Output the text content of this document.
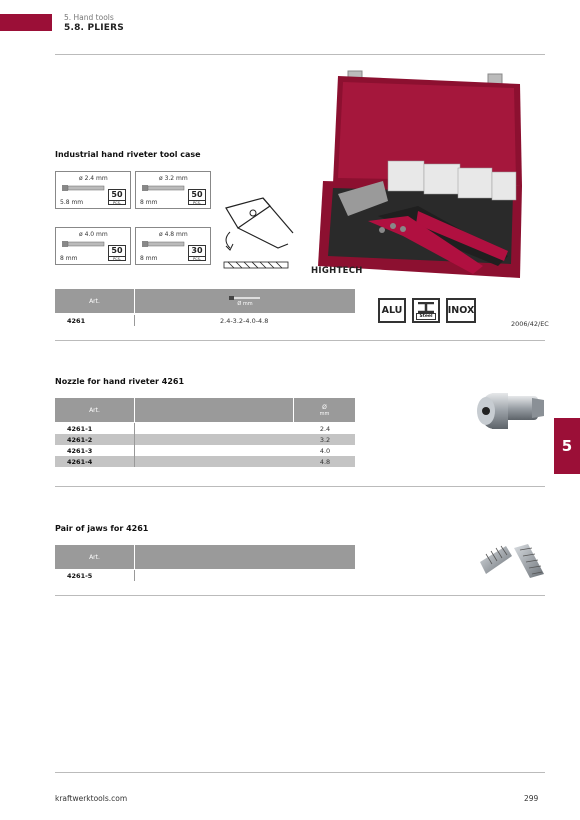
5. Hand tools
5.8. PLIERS
Industrial hand riveter tool case
ø 2.4 mm
5.8 mm
50
PCS.
ø 3.2 mm
8 mm
50
PCS.
ø 4.0 mm
8 mm
50
PCS.
ø 4.8 mm
8 mm
30
PCS.
HIGHTECH
Art.	Ø mm
4261	2.4-3.2-4.0-4.8
ALU	Steel	INOX
2006/42/EC
Nozzle for hand riveter 4261
Art.	Ø
mm
4261-1	2.4
4261-2	3.2
4261-3	4.0
4261-4	4.8
5
Pair of jaws for 4261
Art.
4261-5
kraftwerktools.com	299
